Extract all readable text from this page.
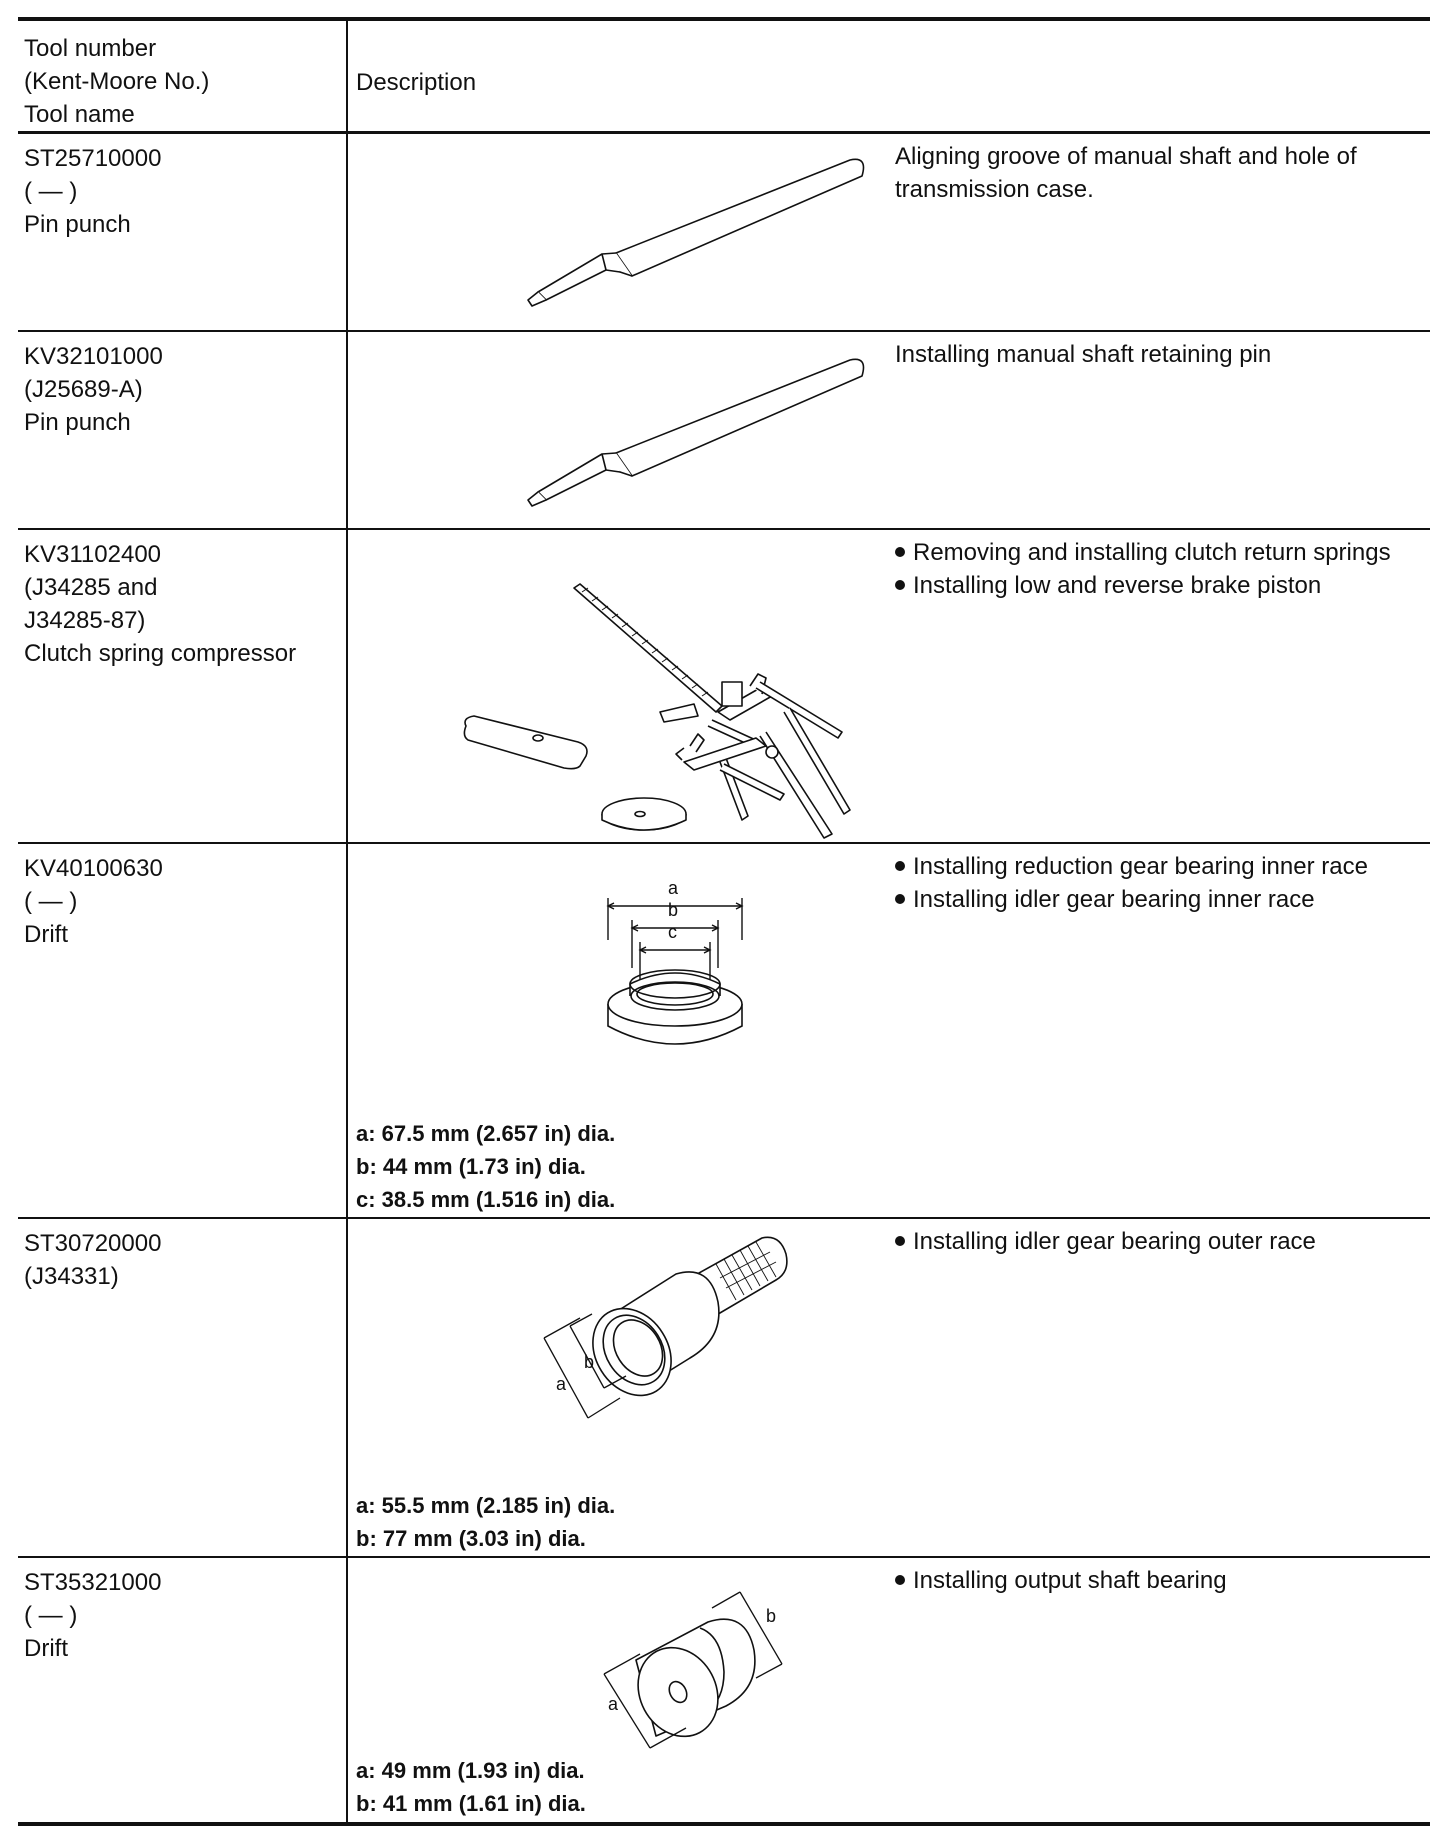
Tool number
(Kent-Moore No.)
Tool name
Description
ST25710000
( — )
Pin punch
Aligning groove of manual shaft and hole of
transmission case.
KV32101000
(J25689-A)
Pin punch
Installing manual shaft retaining pin
KV31102400
(J34285 and
J34285-87)
Clutch spring compressor
Removing and installing clutch return springs
Installing low and reverse brake piston
KV40100630
( — )
Drift
Installing reduction gear bearing inner race
Installing idler gear bearing inner race
a
b
c
a: 67.5 mm (2.657 in) dia.
b: 44 mm (1.73 in) dia.
c: 38.5 mm (1.516 in) dia.
ST30720000
(J34331)
Installing idler gear bearing outer race
a
b
a: 55.5 mm (2.185 in) dia.
b: 77 mm (3.03 in) dia.
ST35321000
( — )
Drift
Installing output shaft bearing
a
b
a: 49 mm (1.93 in) dia.
b: 41 mm (1.61 in) dia.
